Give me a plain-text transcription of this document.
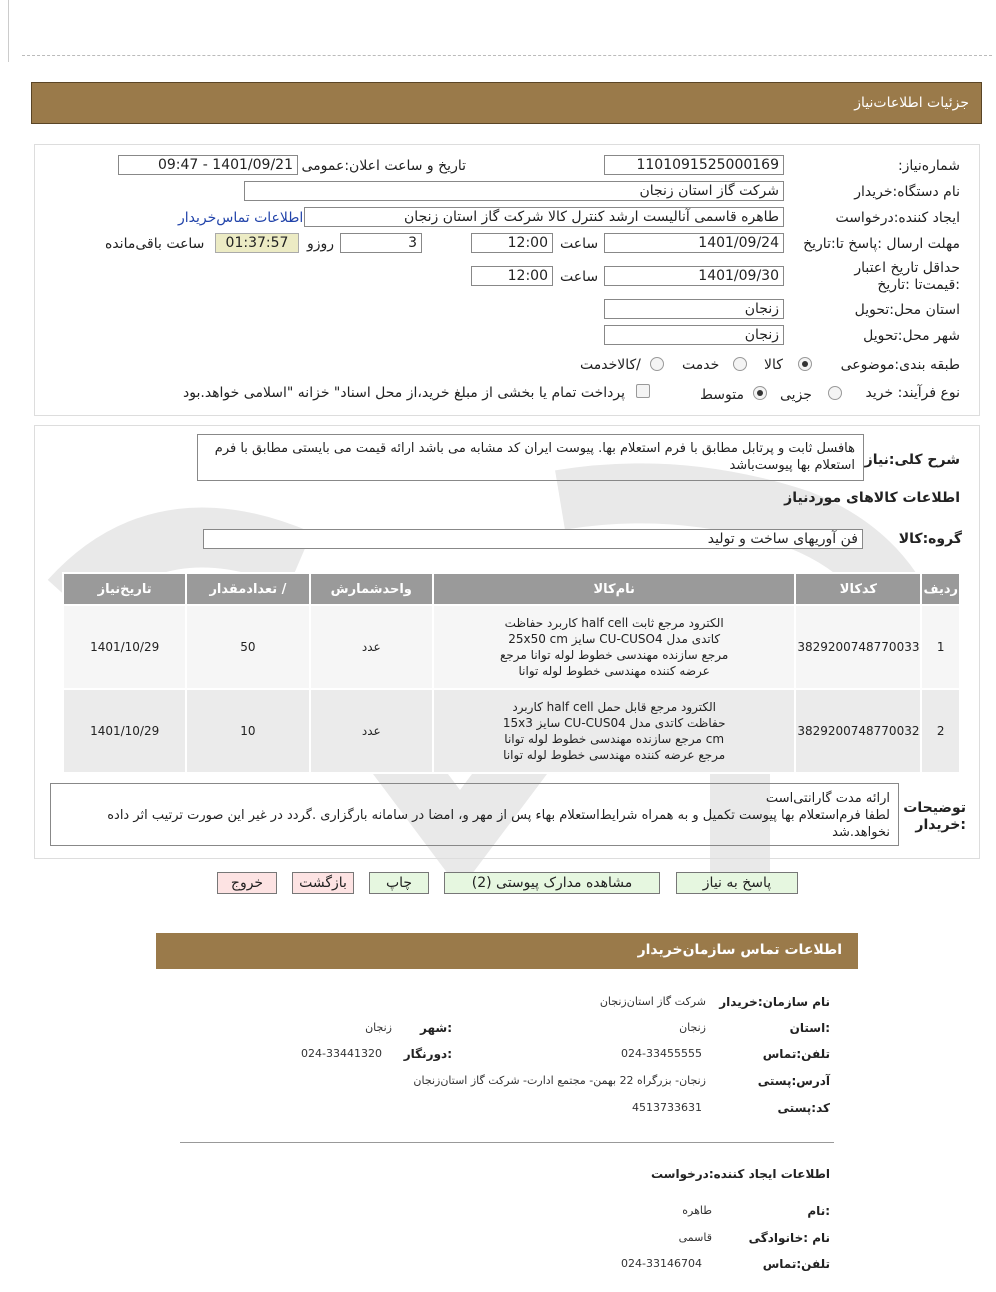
جزئیات اطلاعات‌نیاز
شماره‌نیاز:
1101091525000169
تاریخ و ساعت اعلان:عمومی
1401/09/21 - 09:47
نام دستگاه:خریدار
شرکت گاز استان زنجان
ایجاد کننده:درخواست
طاهره قاسمی آنالیست ارشد کنترل کالا شرکت گاز استان زنجان
اطلاعات تماس‌خریدار
مهلت ارسال :پاسخ تا:تاریخ
1401/09/24
ساعت
12:00
3
روزو
01:37:57
ساعت باقی‌مانده
حداقل تاریخ اعتبار :قیمت‌تا :تاریخ
1401/09/30
ساعت
12:00
استان محل:تحویل
زنجان
شهر محل:تحویل
زنجان
طبقه بندی:موضوعی
کالا
خدمت
/کالاخدمت
نوع فرآیند: خرید
جزیی
متوسط
پرداخت تمام یا بخشی از مبلغ خرید،از محل اسناد" خزانه "اسلامی خواهد.بود
شرح کلی:نیاز
هافسل ثابت و پرتابل مطابق با فرم استعلام بها. پیوست ایران کد مشابه می باشد ارائه قیمت می بایستی مطابق با فرم استعلام بها پیوست‌باشد
اطلاعات کالاهای مورد‌نیاز
گروه:کالا
فن آوریهای ساخت و تولید
ردیف	کدکالا	نام‌کالا	واحد‌شمارش	/ تعداد‌مقدار	تاریخ‌نیاز
1	3829200748770033	الکترود مرجع ثابت half cell کاربرد حفاظت کاتدی مدل CU-CUSO4 سایز 25x50 cm مرجع سازنده مهندسی خطوط لوله توانا مرجع عرضه کننده مهندسی خطوط لوله توانا	عدد	50	1401/10/29
2	3829200748770032	الکترود مرجع قابل حمل half cell کاربرد حفاظت کاتدی مدل CU-CUS04 سایز 15x3 cm مرجع سازنده مهندسی خطوط لوله توانا مرجع عرضه کننده مهندسی خطوط لوله توانا	عدد	10	1401/10/29
توضیحات :خریدار
ارائه مدت گارانتی‌است
لطفا فرم‌استعلام بها پیوست تکمیل و به همراه شرایط‌استعلام بهاء پس از مهر و، امضا در سامانه بارگزاری .گردد در غیر این صورت ترتیب اثر داده نخواهد.شد
پاسخ به نیاز
مشاهده مدارک پیوستی (2)
چاپ
بازگشت
خروج
اطلاعات تماس سازمان‌خریدار
نام سازمان:خریدار
شرکت گاز استان‌زنجان
:استان
زنجان
:شهر
زنجان
تلفن:تماس
024-33455555
:دورنگار
024-33441320
آدرس:پستی
زنجان- بزرگراه 22 بهمن- مجتمع ادارت- شرکت گاز استان‌زنجان
کد:پستی
4513733631
اطلاعات ایجاد کننده:درخواست
:نام
طاهره
نام :خانوادگی
قاسمی
تلفن:تماس
024-33146704
